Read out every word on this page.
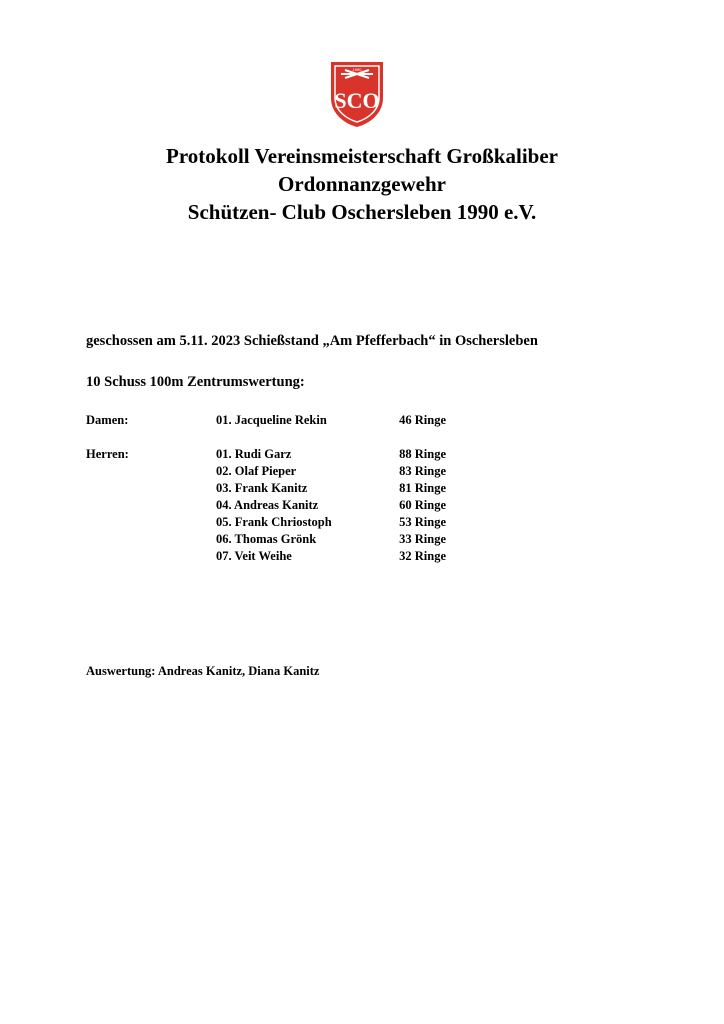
1990
SCO
Protokoll Vereinsmeisterschaft Großkaliber
Ordonnanzgewehr
Schützen- Club Oschersleben 1990 e.V.
geschossen am 5.11. 2023 Schießstand „Am Pfefferbach“ in Oschersleben
10 Schuss 100m Zentrumswertung:
Damen:	01. Jacqueline Rekin	46 Ringe
Herren:	01. Rudi Garz	88 Ringe
02. Olaf Pieper	83 Ringe
03. Frank Kanitz	81 Ringe
04. Andreas Kanitz	60 Ringe
05. Frank Chriostoph	53 Ringe
06. Thomas Grönk	33 Ringe
07. Veit Weihe	32 Ringe
Auswertung: Andreas Kanitz, Diana Kanitz
